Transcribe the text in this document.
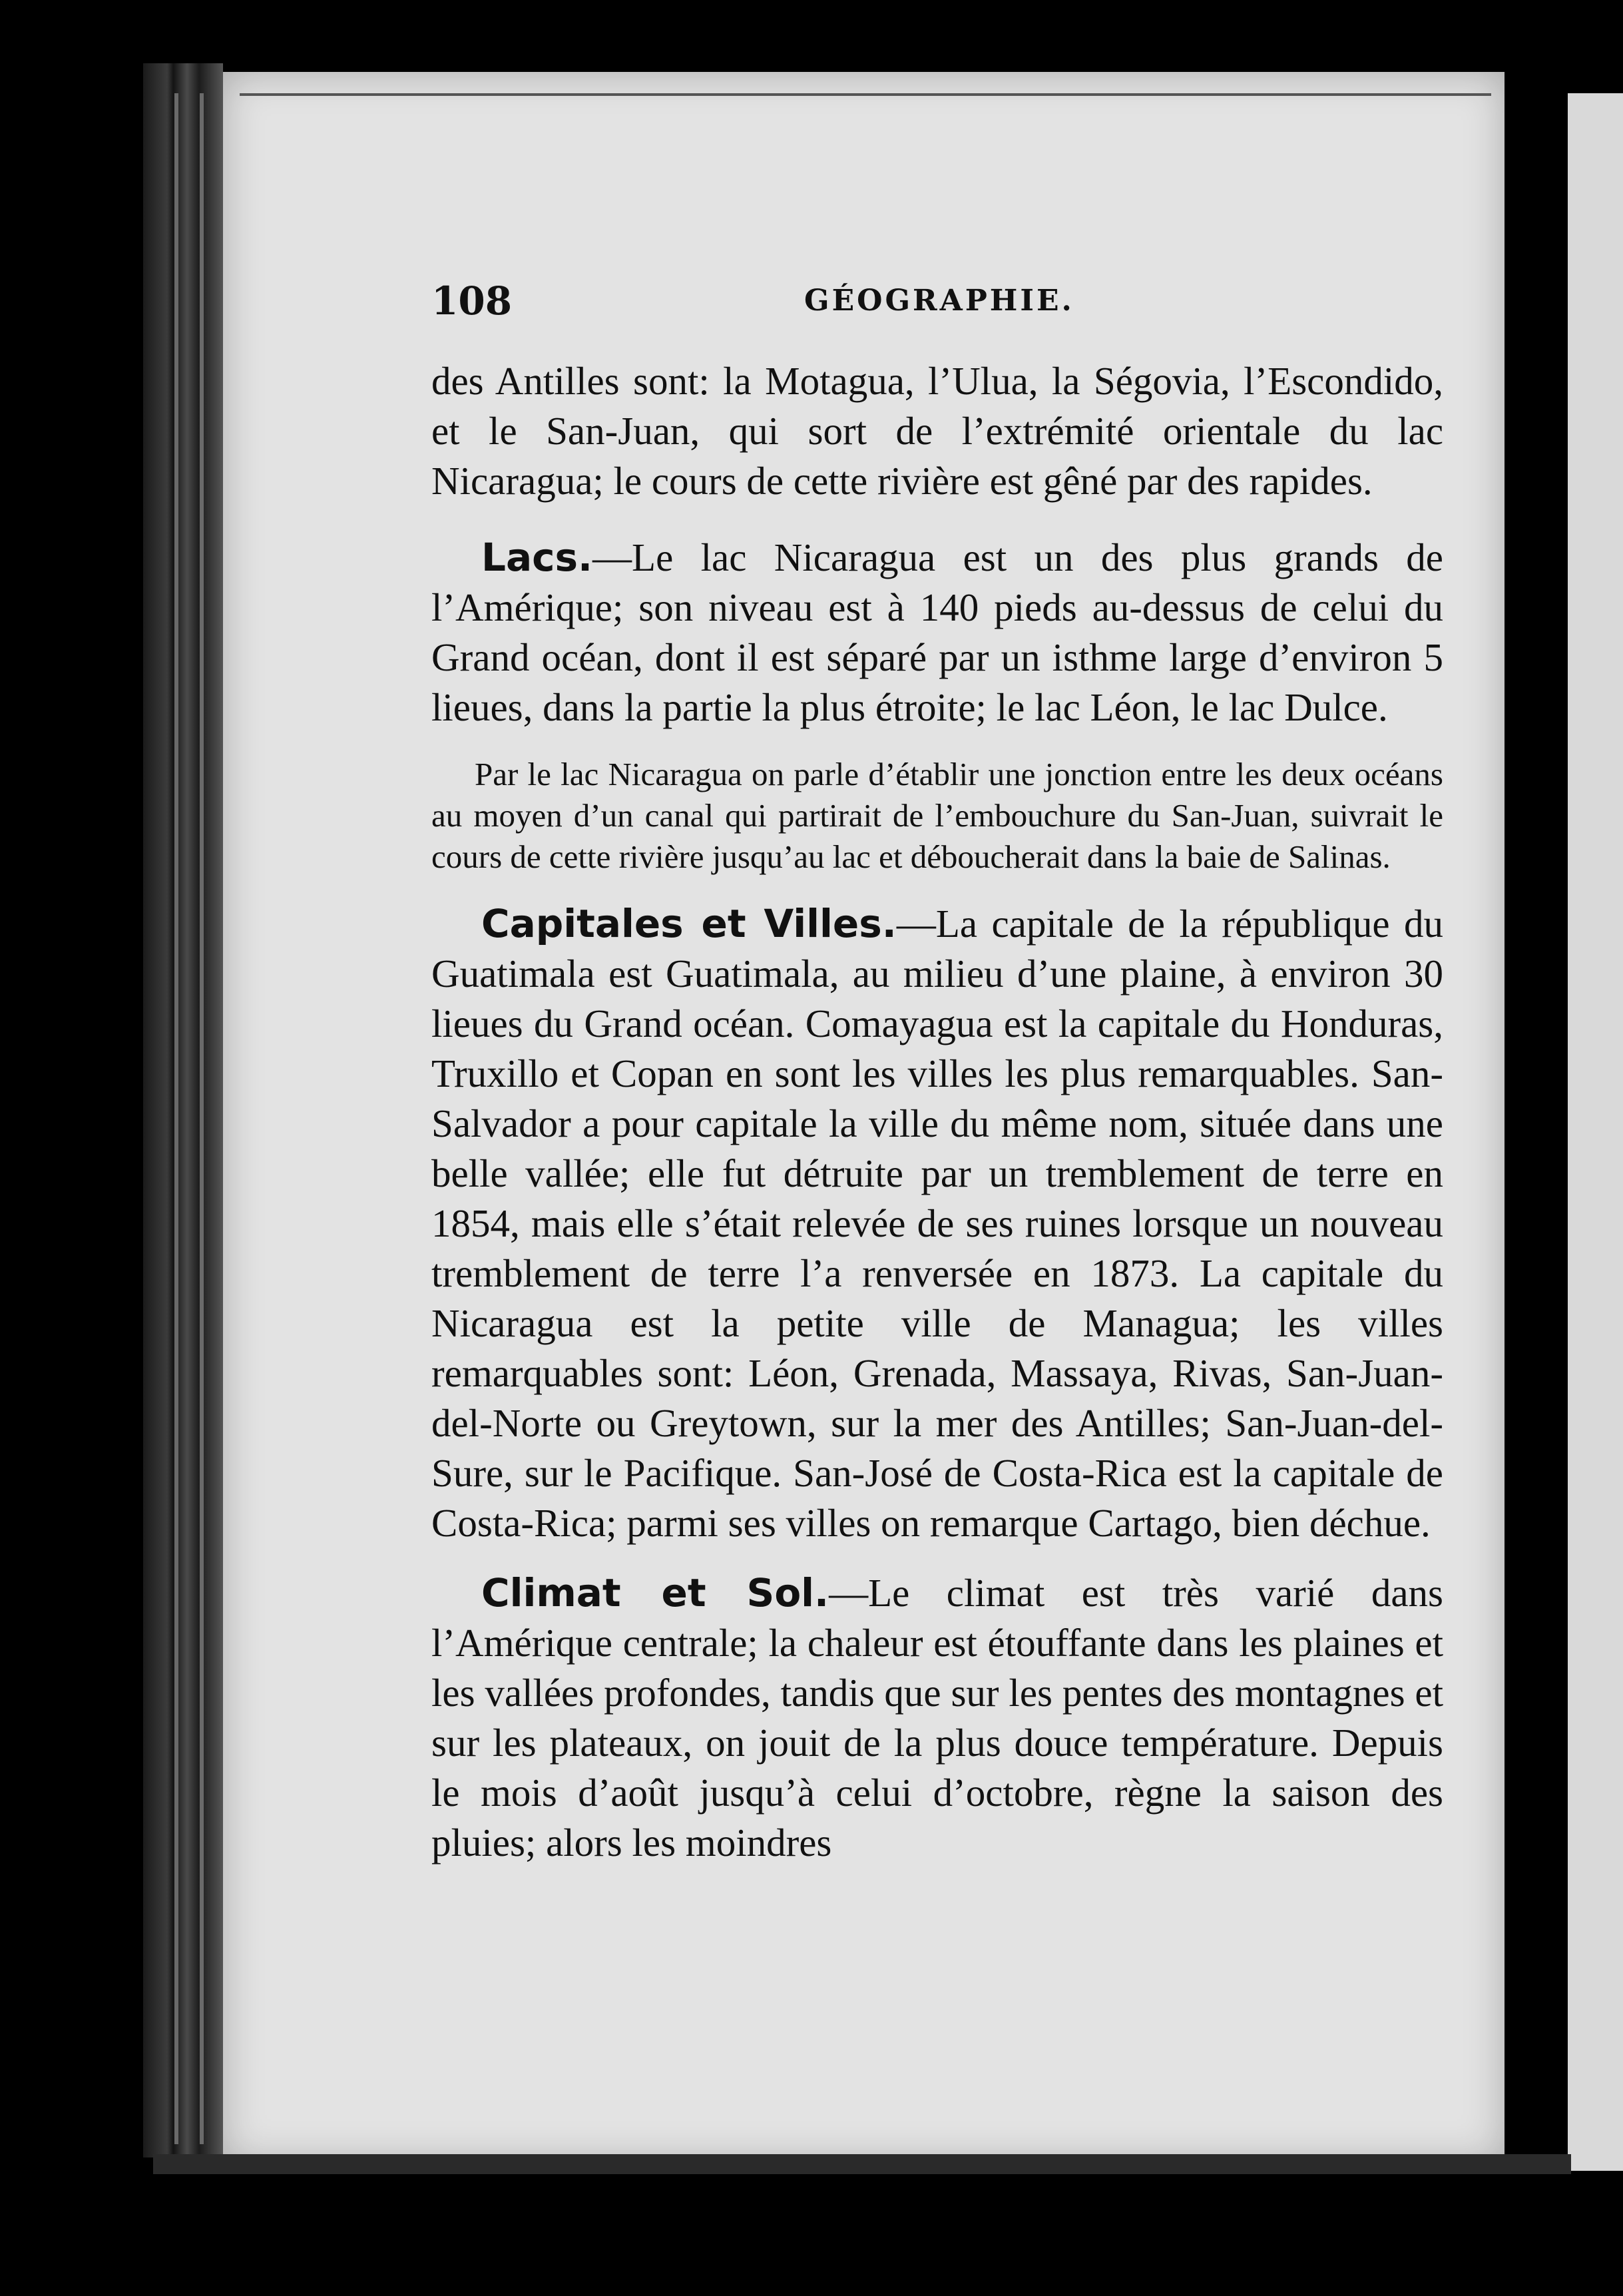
108	GÉOGRAPHIE.

des Antilles sont: la Motagua, l’Ulua, la Ségovia, l’Escondido, et le San-Juan, qui sort de l’extrémité orientale du lac Nicaragua; le cours de cette rivière est gêné par des rapides.

Lacs.—Le lac Nicaragua est un des plus grands de l’Amérique; son niveau est à 140 pieds au-dessus de celui du Grand océan, dont il est séparé par un isthme large d’environ 5 lieues, dans la partie la plus étroite; le lac Léon, le lac Dulce.

Par le lac Nicaragua on parle d’établir une jonction entre les deux océans au moyen d’un canal qui partirait de l’embouchure du San-Juan, suivrait le cours de cette rivière jusqu’au lac et déboucherait dans la baie de Salinas.

Capitales et Villes.—La capitale de la république du Guatimala est Guatimala, au milieu d’une plaine, à environ 30 lieues du Grand océan. Comayagua est la capitale du Honduras, Truxillo et Copan en sont les villes les plus remarquables. San-Salvador a pour capitale la ville du même nom, située dans une belle vallée; elle fut détruite par un tremblement de terre en 1854, mais elle s’était relevée de ses ruines lorsque un nouveau tremblement de terre l’a renversée en 1873. La capitale du Nicaragua est la petite ville de Managua; les villes remarquables sont: Léon, Grenada, Massaya, Rivas, San-Juan-del-Norte ou Greytown, sur la mer des Antilles; San-Juan-del-Sure, sur le Pacifique. San-José de Costa-Rica est la capitale de Costa-Rica; parmi ses villes on remarque Cartago, bien déchue.

Climat et Sol.—Le climat est très varié dans l’Amérique centrale; la chaleur est étouffante dans les plaines et les vallées profondes, tandis que sur les pentes des montagnes et sur les plateaux, on jouit de la plus douce température. Depuis le mois d’août jusqu’à celui d’octobre, règne la saison des pluies; alors les moindres
